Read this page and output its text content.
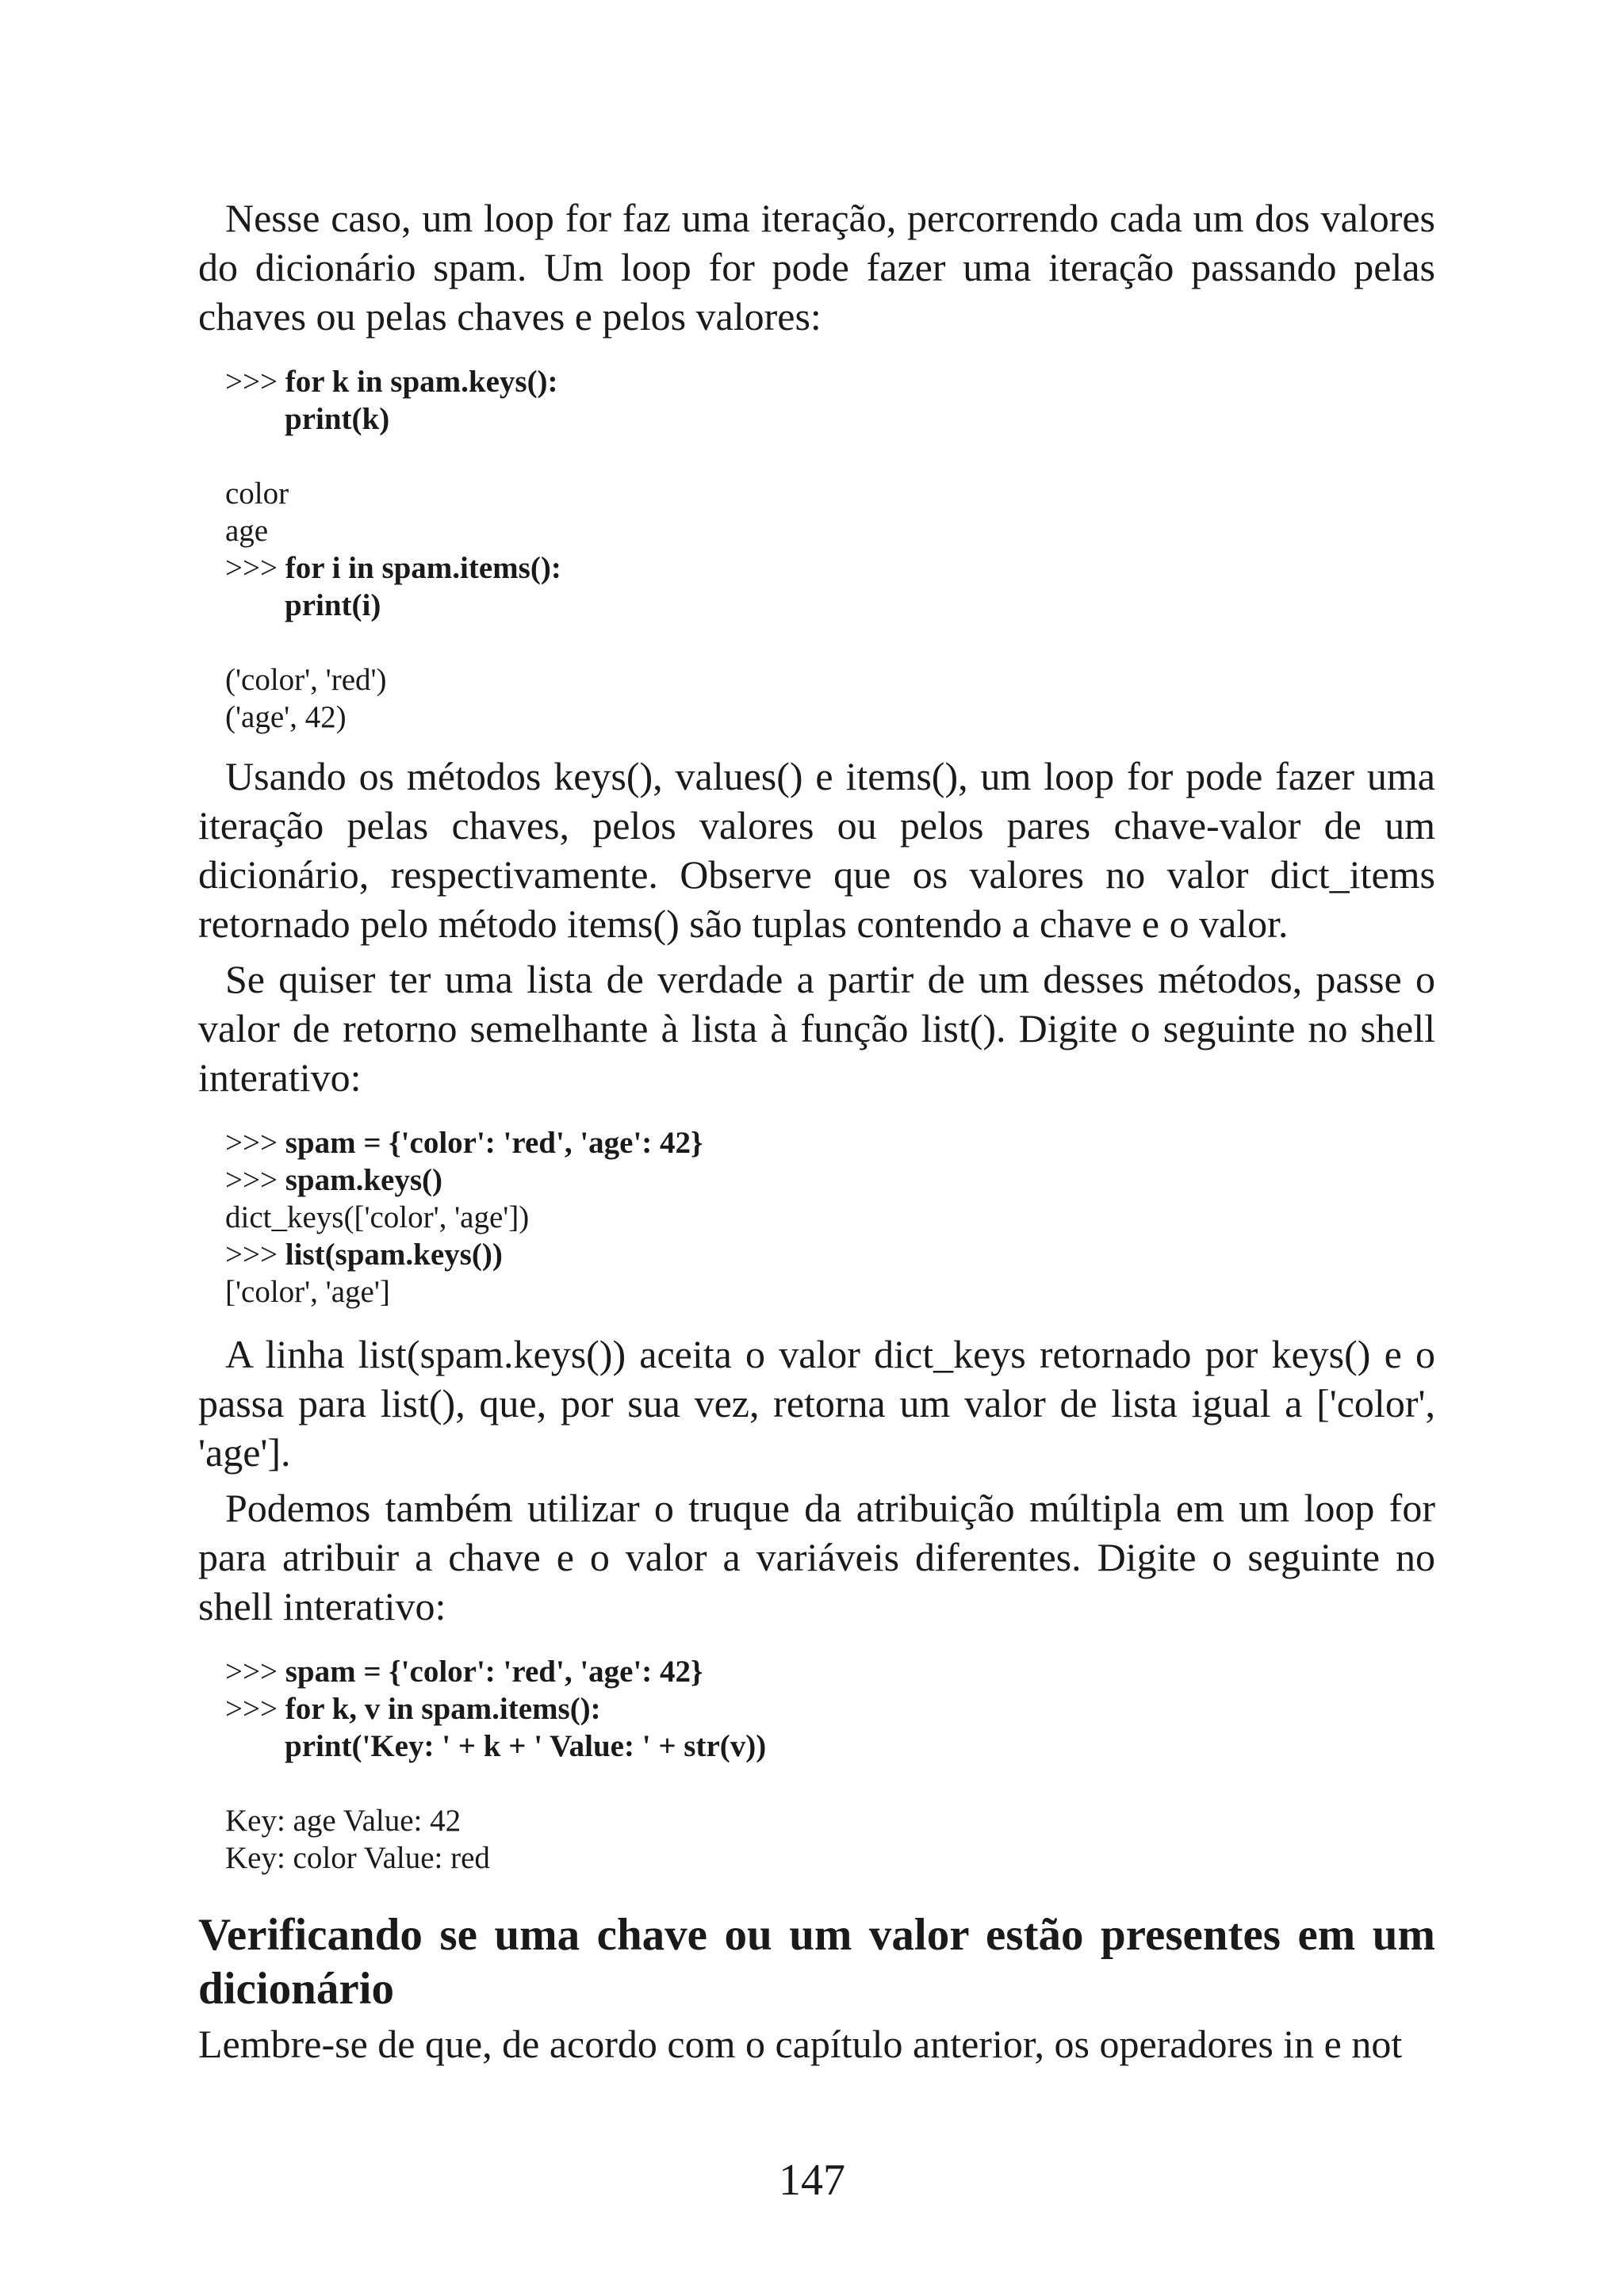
Nesse caso, um loop for faz uma iteração, percorrendo cada um dos valores do dicionário spam. Um loop for pode fazer uma iteração passando pelas chaves ou pelas chaves e pelos valores:

>>> for k in spam.keys():
print(k)
color
age
>>> for i in spam.items():
print(i)
('color', 'red')
('age', 42)

Usando os métodos keys(), values() e items(), um loop for pode fazer uma iteração pelas chaves, pelos valores ou pelos pares chave-valor de um dicionário, respectivamente. Observe que os valores no valor dict_items retornado pelo método items() são tuplas contendo a chave e o valor.

Se quiser ter uma lista de verdade a partir de um desses métodos, passe o valor de retorno semelhante à lista à função list(). Digite o seguinte no shell interativo:

>>> spam = {'color': 'red', 'age': 42}
>>> spam.keys()
dict_keys(['color', 'age'])
>>> list(spam.keys())
['color', 'age']

A linha list(spam.keys()) aceita o valor dict_keys retornado por keys() e o passa para list(), que, por sua vez, retorna um valor de lista igual a ['color', 'age'].

Podemos também utilizar o truque da atribuição múltipla em um loop for para atribuir a chave e o valor a variáveis diferentes. Digite o seguinte no shell interativo:

>>> spam = {'color': 'red', 'age': 42}
>>> for k, v in spam.items():
print('Key: ' + k + ' Value: ' + str(v))
Key: age Value: 42
Key: color Value: red
Verificando se uma chave ou um valor estão presentes em um dicionário

Lembre-se de que, de acordo com o capítulo anterior, os operadores in e not

147
